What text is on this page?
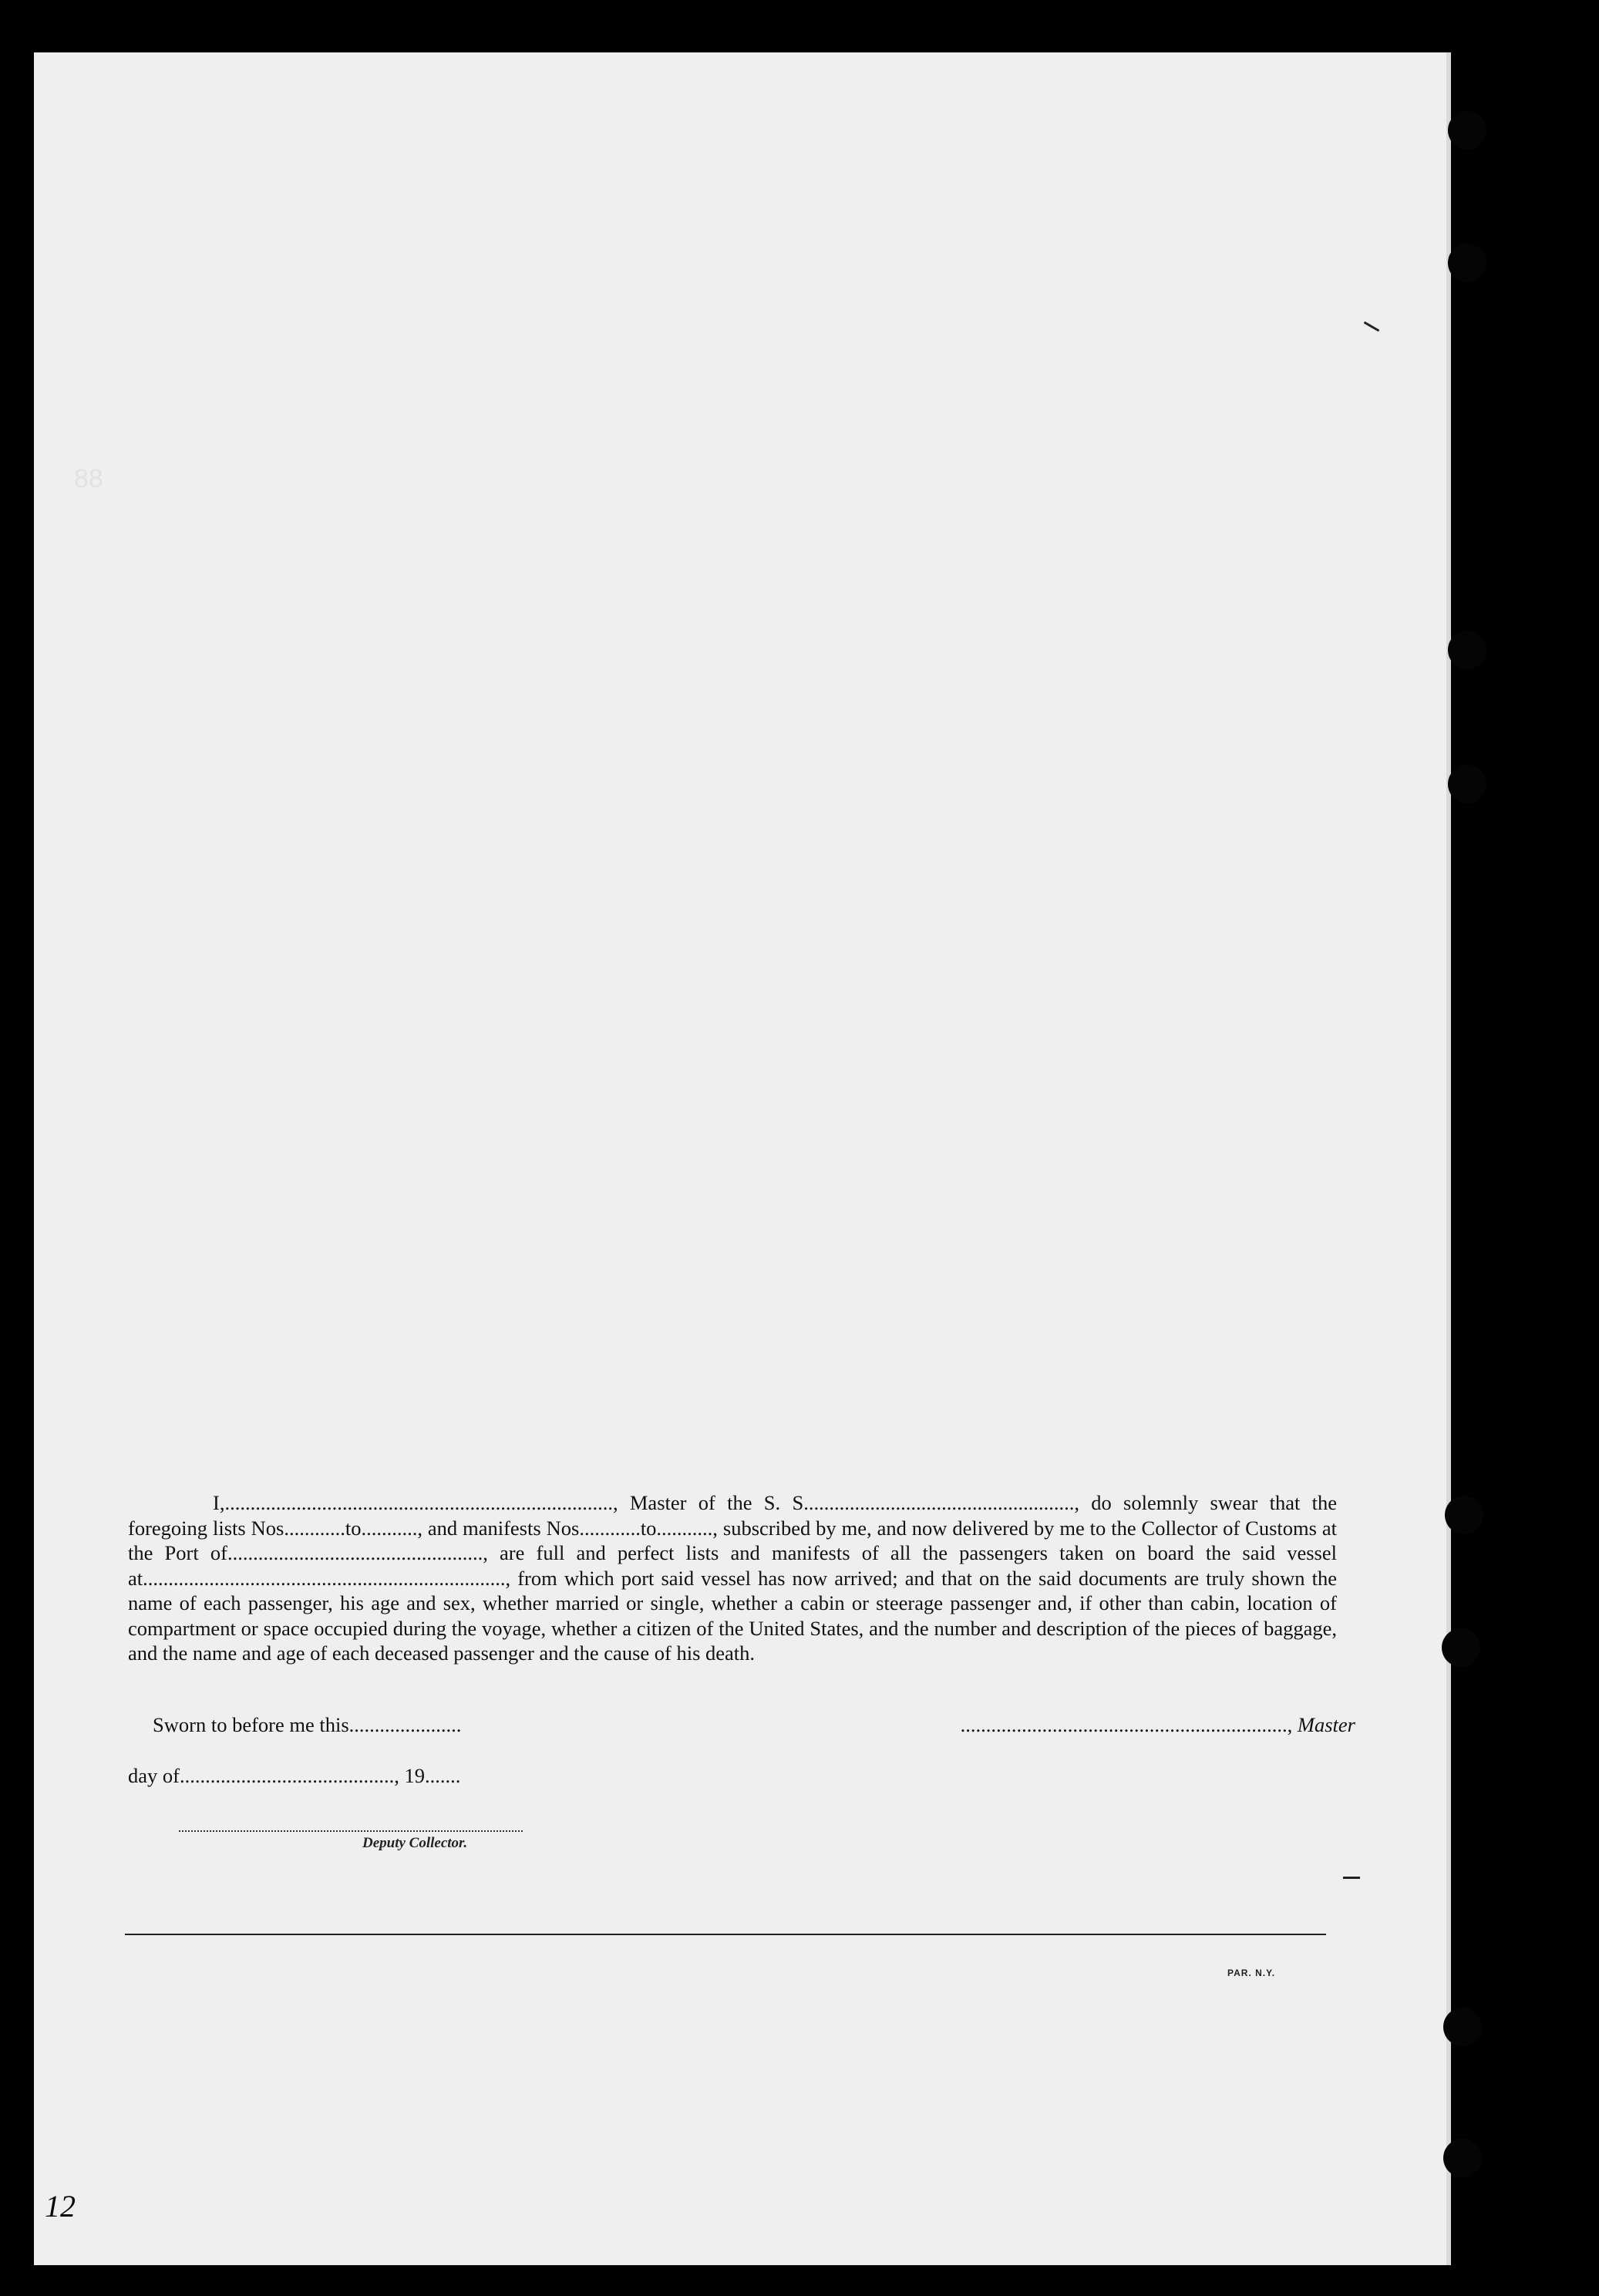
88

I,............................................................................, Master of the S. S....................................................., do solemnly swear that the foregoing lists Nos............to..........., and manifests Nos............to..........., subscribed by me, and now delivered by me to the Collector of Customs at the Port of.................................................., are full and perfect lists and manifests of all the passengers taken on board the said vessel at......................................................................., from which port said vessel has now arrived; and that on the said documents are truly shown the name of each passenger, his age and sex, whether married or single, whether a cabin or steerage passenger and, if other than cabin, location of compartment or space occupied during the voyage, whether a citizen of the United States, and the number and description of the pieces of baggage, and the name and age of each deceased passenger and the cause of his death.

Sworn to before me this......................	................................................................, Master
day of.........................................., 19.......
Deputy Collector.
PAR. N.Y.
12
